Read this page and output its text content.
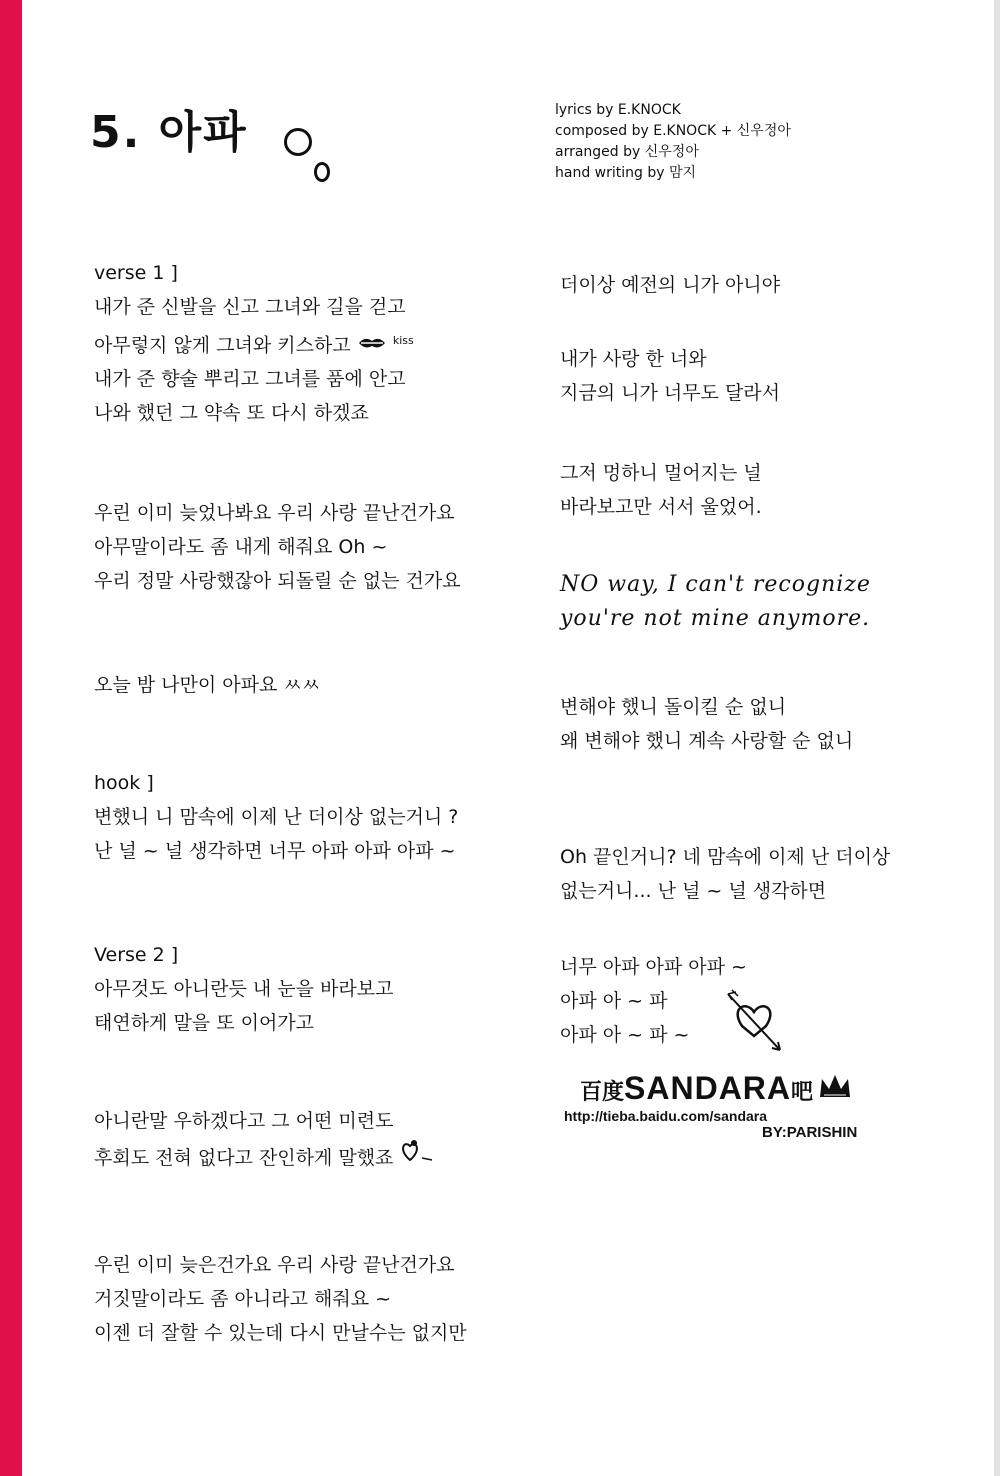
5. 아파	lyrics by E.KNOCK
composed by E.KNOCK + 신우정아
arranged by 신우정아
hand writing by 맘지
verse 1 ]
내가 준 신발을 신고 그녀와 길을 걷고
아무렇지 않게 그녀와 키스하고	$^{kiss}$
내가 준 향술 뿌리고 그녀를 품에 안고
나와 했던 그 약속 또 다시 하겠죠
우린 이미 늦었나봐요 우리 사랑 끝난건가요
아무말이라도 좀 내게 해줘요 Oh ~
우리 정말 사랑했잖아 되돌릴 순 없는 건가요
오늘 밤 나만이 아파요 ㅆㅆ
hook ]
변했니 니 맘속에 이제 난 더이상 없는거니 ?
난 널 ~ 널 생각하면 너무 아파 아파 아파 ~
Verse 2 ]
아무것도 아니란듯 내 눈을 바라보고
태연하게 말을 또 이어가고
아니란말 우하겠다고 그 어떤 미련도
후회도 전혀 없다고 잔인하게 말했죠
우린 이미 늦은건가요 우리 사랑 끝난건가요
거짓말이라도 좀 아니라고 해줘요 ~
이젠 더 잘할 수 있는데 다시 만날수는 없지만
더이상 예전의 니가 아니야
내가 사랑 한 너와
지금의 니가 너무도 달라서
그저 멍하니 멀어지는 널
바라보고만 서서 울었어.
NO way, I can't recognize
you're not mine anymore.
변해야 했니 돌이킬 순 없니
왜 변해야 했니 계속 사랑할 순 없니
Oh 끝인거니? 네 맘속에 이제 난 더이상
없는거니... 난 널 ~ 널 생각하면
너무 아파 아파 아파 ~
아파 아 ~ 파
아파 아 ~ 파 ~
百度SANDARA吧
http://tieba.baidu.com/sandara
BY:PARISHIN
